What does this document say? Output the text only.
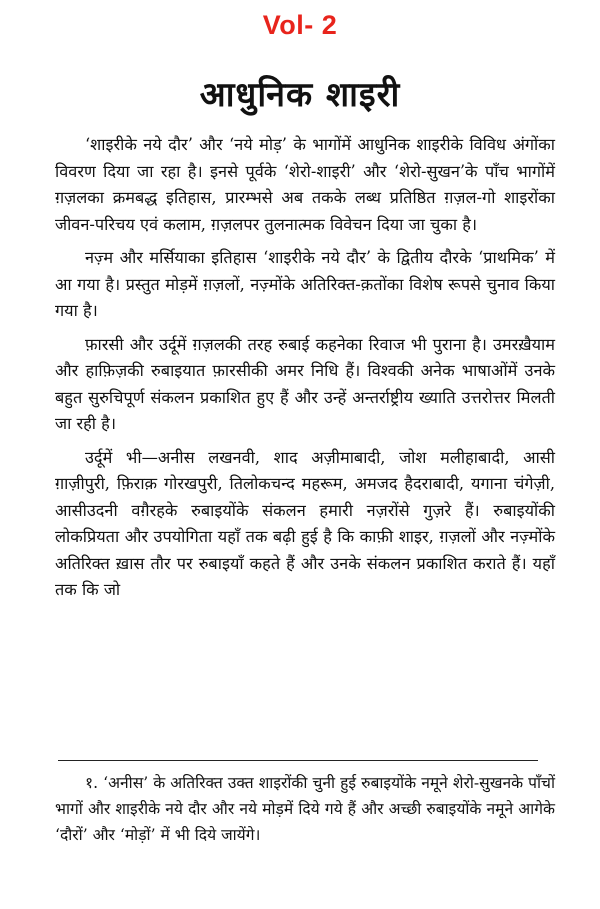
Vol- 2
आधुनिक शाइरी

‘शाइरीके नये दौर’ और ‘नये मोड़’ के भागोंमें आधुनिक शाइरीके विविध अंगोंका विवरण दिया जा रहा है। इनसे पूर्वके ‘शेरो-शाइरी’ और ‘शेरो-सुखन’के पाँच भागोंमें ग़ज़लका क्रमबद्ध इतिहास, प्रारम्भसे अब तकके लब्ध प्रतिष्ठित ग़ज़ल-गो शाइरोंका जीवन-परिचय एवं कलाम, ग़ज़लपर तुलनात्मक विवेचन दिया जा चुका है।

नज़्म और मर्सियाका इतिहास ‘शाइरीके नये दौर’ के द्वितीय दौरके ‘प्राथमिक’ में आ गया है। प्रस्तुत मोड़में ग़ज़लों, नज़्मोंके अतिरिक्त-क़तोंका विशेष रूपसे चुनाव किया गया है।

फ़ारसी और उर्दूमें ग़ज़लकी तरह रुबाई कहनेका रिवाज भी पुराना है। उमरख़ैयाम और हाफ़िज़की रुबाइयात फ़ारसीकी अमर निधि हैं। विश्वकी अनेक भाषाओंमें उनके बहुत सुरुचिपूर्ण संकलन प्रकाशित हुए हैं और उन्हें अन्तर्राष्ट्रीय ख्याति उत्तरोत्तर मिलती जा रही है।

उर्दूमें भी—अनीस लखनवी, शाद अज़ीमाबादी, जोश मलीहाबादी, आसी ग़ाज़ीपुरी, फ़िराक़ गोरखपुरी, तिलोकचन्द महरूम, अमजद हैदराबादी, यगाना चंगेज़ी, आसीउदनी वग़ैरहके रुबाइयोंके संकलन हमारी नज़रोंसे गुज़रे हैं। रुबाइयोंकी लोकप्रियता और उपयोगिता यहाँ तक बढ़ी हुई है कि काफ़ी शाइर, ग़ज़लों और नज़्मोंके अतिरिक्त ख़ास तौर पर रुबाइयाँ कहते हैं और उनके संकलन प्रकाशित कराते हैं। यहाँ तक कि जो

१. ‘अनीस’ के अतिरिक्त उक्त शाइरोंकी चुनी हुई रुबाइयोंके नमूने शेरो-सुखनके पाँचों भागों और शाइरीके नये दौर और नये मोड़में दिये गये हैं और अच्छी रुबाइयोंके नमूने आगेके ‘दौरों’ और ‘मोड़ों’ में भी दिये जायेंगे।
